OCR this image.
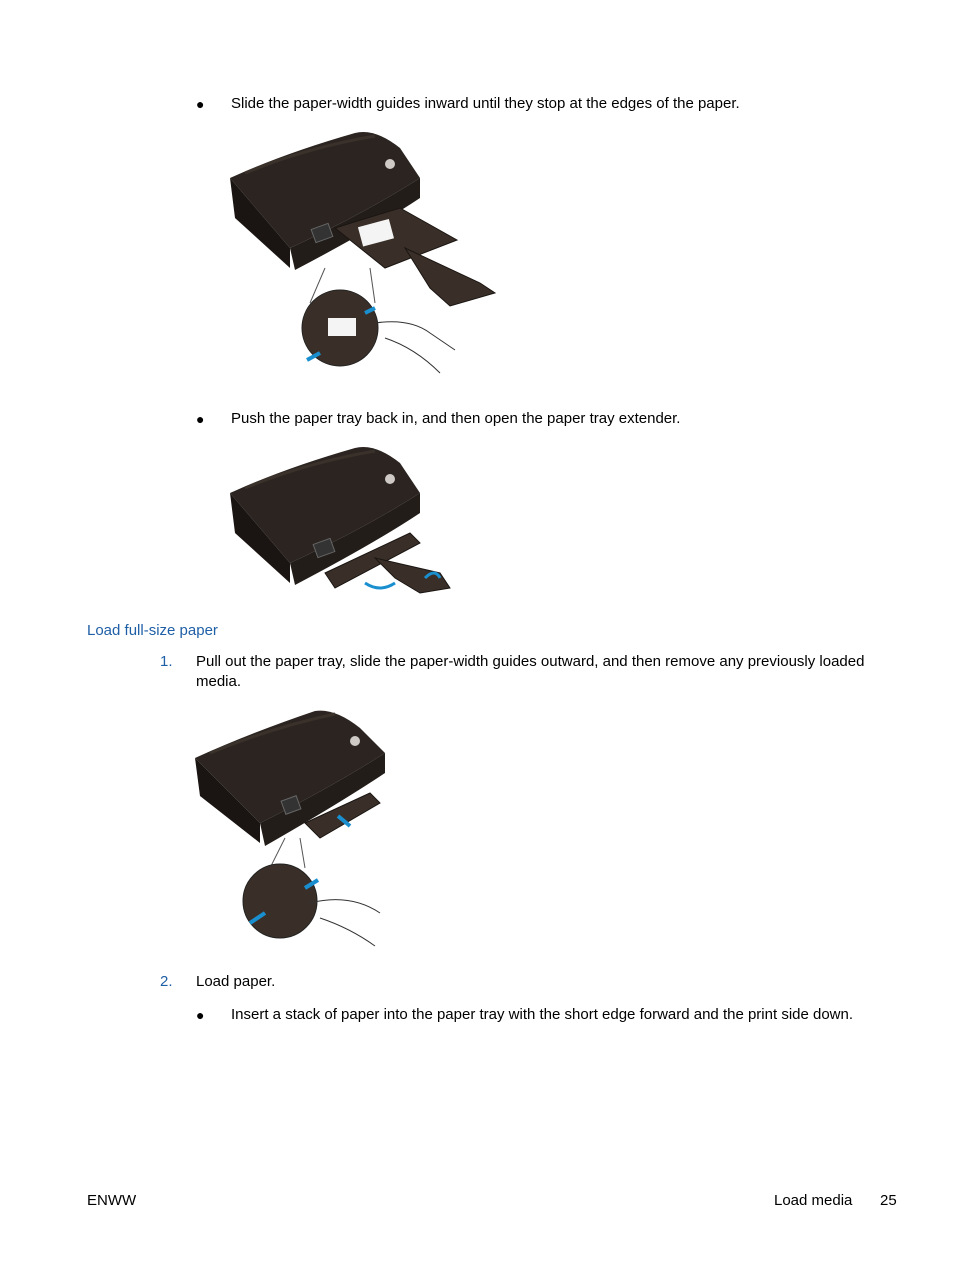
● Slide the paper-width guides inward until they stop at the edges of the paper.
● Push the paper tray back in, and then open the paper tray extender.
Load full-size paper
1. Pull out the paper tray, slide the paper-width guides outward, and then remove any previously loaded media.
2. Load paper.
● Insert a stack of paper into the paper tray with the short edge forward and the print side down.
ENWW	Load media 25
